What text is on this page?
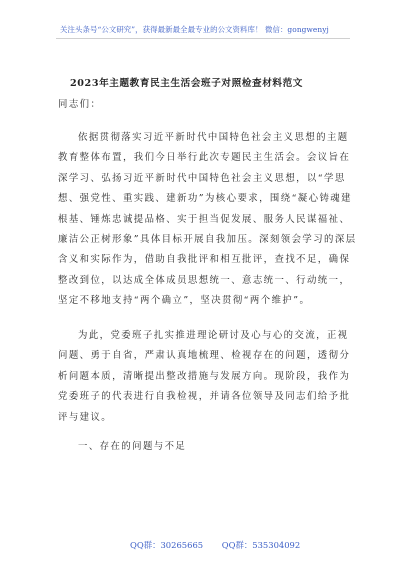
关注头条号“公文研究”，获得最新最全最专业的公文资料库！ 微信：gongwenyj
2023年主题教育民主生活会班子对照检查材料范文
同志们：
依据贯彻落实习近平新时代中国特色社会主义思想的主题教育整体布置，我们今日举行此次专题民主生活会。会议旨在深学习、弘扬习近平新时代中国特色社会主义思想，以“学思想、强党性、重实践、建新功”为核心要求，围绕“凝心铸魂建根基、锤炼忠诚提品格、实于担当促发展、服务人民谋福祉、廉洁公正树形象”具体目标开展自我加压。深刻领会学习的深层含义和实际作为，借助自我批评和相互批评，查找不足，确保整改到位，以达成全体成员思想统一、意志统一、行动统一，坚定不移地支持“两个确立”，坚决贯彻“两个维护”。
为此，党委班子扎实推进理论研讨及心与心的交流，正视问题、勇于自省，严肃认真地梳理、检视存在的问题，透彻分析问题本质，清晰提出整改措施与发展方向。现阶段，我作为党委班子的代表进行自我检视，并请各位领导及同志们给予批评与建议。
一、存在的问题与不足
QQ群：30265665 QQ群：535304092
